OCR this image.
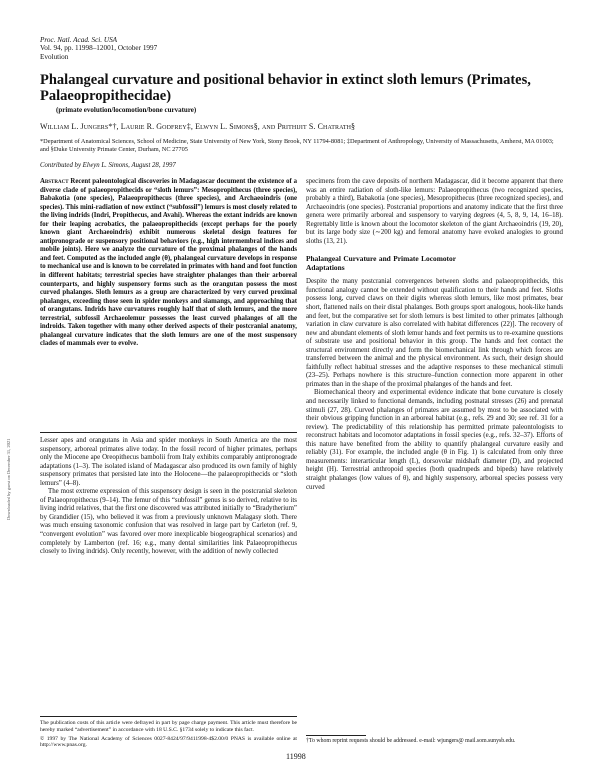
Proc. Natl. Acad. Sci. USA
Vol. 94, pp. 11998–12001, October 1997
Evolution
Phalangeal curvature and positional behavior in extinct sloth lemurs (Primates, Palaeopropithecidae)
(primate evolution/locomotion/bone curvature)
William L. Jungers*†, Laurie R. Godfrey‡, Elwyn L. Simons§, and Prithijit S. Chatrath§
*Department of Anatomical Sciences, School of Medicine, State University of New York, Stony Brook, NY 11794-8081; ‡Department of Anthropology, University of Massachusetts, Amherst, MA 01003; and §Duke University Primate Center, Durham, NC 27705
Contributed by Elwyn L. Simons, August 28, 1997
Abstract Recent paleontological discoveries in Madagascar document the existence of a diverse clade of palaeopropithecids or “sloth lemurs”: Mesopropithecus (three species), Babakotia (one species), Palaeopropithecus (three species), and Archaeoindris (one species). This mini-radiation of now extinct (“subfossil”) lemurs is most closely related to the living indrids (Indri, Propithecus, and Avahi). Whereas the extant indrids are known for their leaping acrobatics, the palaeopropithecids (except perhaps for the poorly known giant Archaeoindris) exhibit numerous skeletal design features for antipronograde or suspensory positional behaviors (e.g., high intermembral indices and mobile joints). Here we analyze the curvature of the proximal phalanges of the hands and feet. Computed as the included angle (θ), phalangeal curvature develops in response to mechanical use and is known to be correlated in primates with hand and foot function in different habitats; terrestrial species have straighter phalanges than their arboreal counterparts, and highly suspensory forms such as the orangutan possess the most curved phalanges. Sloth lemurs as a group are characterized by very curved proximal phalanges, exceeding those seen in spider monkeys and siamangs, and approaching that of orangutans. Indrids have curvatures roughly half that of sloth lemurs, and the more terrestrial, subfossil Archaeolemur possesses the least curved phalanges of all the indroids. Taken together with many other derived aspects of their postcranial anatomy, phalangeal curvature indicates that the sloth lemurs are one of the most suspensory clades of mammals ever to evolve.

Lesser apes and orangutans in Asia and spider monkeys in South America are the most suspensory, arboreal primates alive today. In the fossil record of higher primates, perhaps only the Miocene ape Oreopithecus bambolii from Italy exhibits comparably antipronograde adaptations (1–3). The isolated island of Madagascar also produced its own family of highly suspensory primates that persisted late into the Holocene—the palaeopropithecids or “sloth lemurs” (4–8).

The most extreme expression of this suspensory design is seen in the postcranial skeleton of Palaeopropithecus (9–14). The femur of this “subfossil” genus is so derived, relative to its living indrid relatives, that the first one discovered was attributed initially to “Bradytherium” by Grandidier (15), who believed it was from a previously unknown Malagasy sloth. There was much ensuing taxonomic confusion that was resolved in large part by Carleton (ref. 9, “convergent evolution” was favored over more inexplicable biogeographical scenarios) and completely by Lamberton (ref. 16; e.g., many dental similarities link Palaeopropithecus closely to living indrids). Only recently, however, with the addition of newly collected

specimens from the cave deposits of northern Madagascar, did it become apparent that there was an entire radiation of sloth-like lemurs: Palaeopropithecus (two recognized species, probably a third), Babakotia (one species), Mesopropithecus (three recognized species), and Archaeoindris (one species). Postcranial proportions and anatomy indicate that the first three genera were primarily arboreal and suspensory to varying degrees (4, 5, 8, 9, 14, 16–18). Regrettably little is known about the locomotor skeleton of the giant Archaeoindris (19, 20), but its large body size (∼200 kg) and femoral anatomy have evoked analogies to ground sloths (13, 21).

Phalangeal Curvature and Primate Locomotor Adaptations

Despite the many postcranial convergences between sloths and palaeopropithecids, this functional analogy cannot be extended without qualification to their hands and feet. Sloths possess long, curved claws on their digits whereas sloth lemurs, like most primates, bear short, flattened nails on their distal phalanges. Both groups sport analogous, hook-like hands and feet, but the comparative set for sloth lemurs is best limited to other primates [although variation in claw curvature is also correlated with habitat differences (22)]. The recovery of new and abundant elements of sloth lemur hands and feet permits us to re-examine questions of substrate use and positional behavior in this group. The hands and feet contact the structural environment directly and form the biomechanical link through which forces are transferred between the animal and the physical environment. As such, their design should faithfully reflect habitual stresses and the adaptive responses to these mechanical stimuli (23–25). Perhaps nowhere is this structure–function connection more apparent in other primates than in the shape of the proximal phalanges of the hands and feet.

Biomechanical theory and experimental evidence indicate that bone curvature is closely and necessarily linked to functional demands, including postnatal stresses (26) and prenatal stimuli (27, 28). Curved phalanges of primates are assumed by most to be associated with their obvious gripping function in an arboreal habitat (e.g., refs. 29 and 30; see ref. 31 for a review). The predictability of this relationship has permitted primate paleontologists to reconstruct habitats and locomotor adaptations in fossil species (e.g., refs. 32–37). Efforts of this nature have benefited from the ability to quantify phalangeal curvature easily and reliably (31). For example, the included angle (θ in Fig. 1) is calculated from only three measurements: interarticular length (L), dorsovolar midshaft diameter (D), and projected height (H). Terrestrial anthropoid species (both quadrupeds and bipeds) have relatively straight phalanges (low values of θ), and highly suspensory, arboreal species possess very curved

The publication costs of this article were defrayed in part by page charge payment. This article must therefore be hereby marked “advertisement” in accordance with 18 U.S.C. §1734 solely to indicate this fact.

© 1997 by The National Academy of Sciences 0027-8424/97/9411998-4$2.00/0 PNAS is available online at http://www.pnas.org.

†To whom reprint requests should be addressed. e-mail: wjungers@ mail.som.sunysb.edu.
11998
Downloaded by guest on December 31, 2021
